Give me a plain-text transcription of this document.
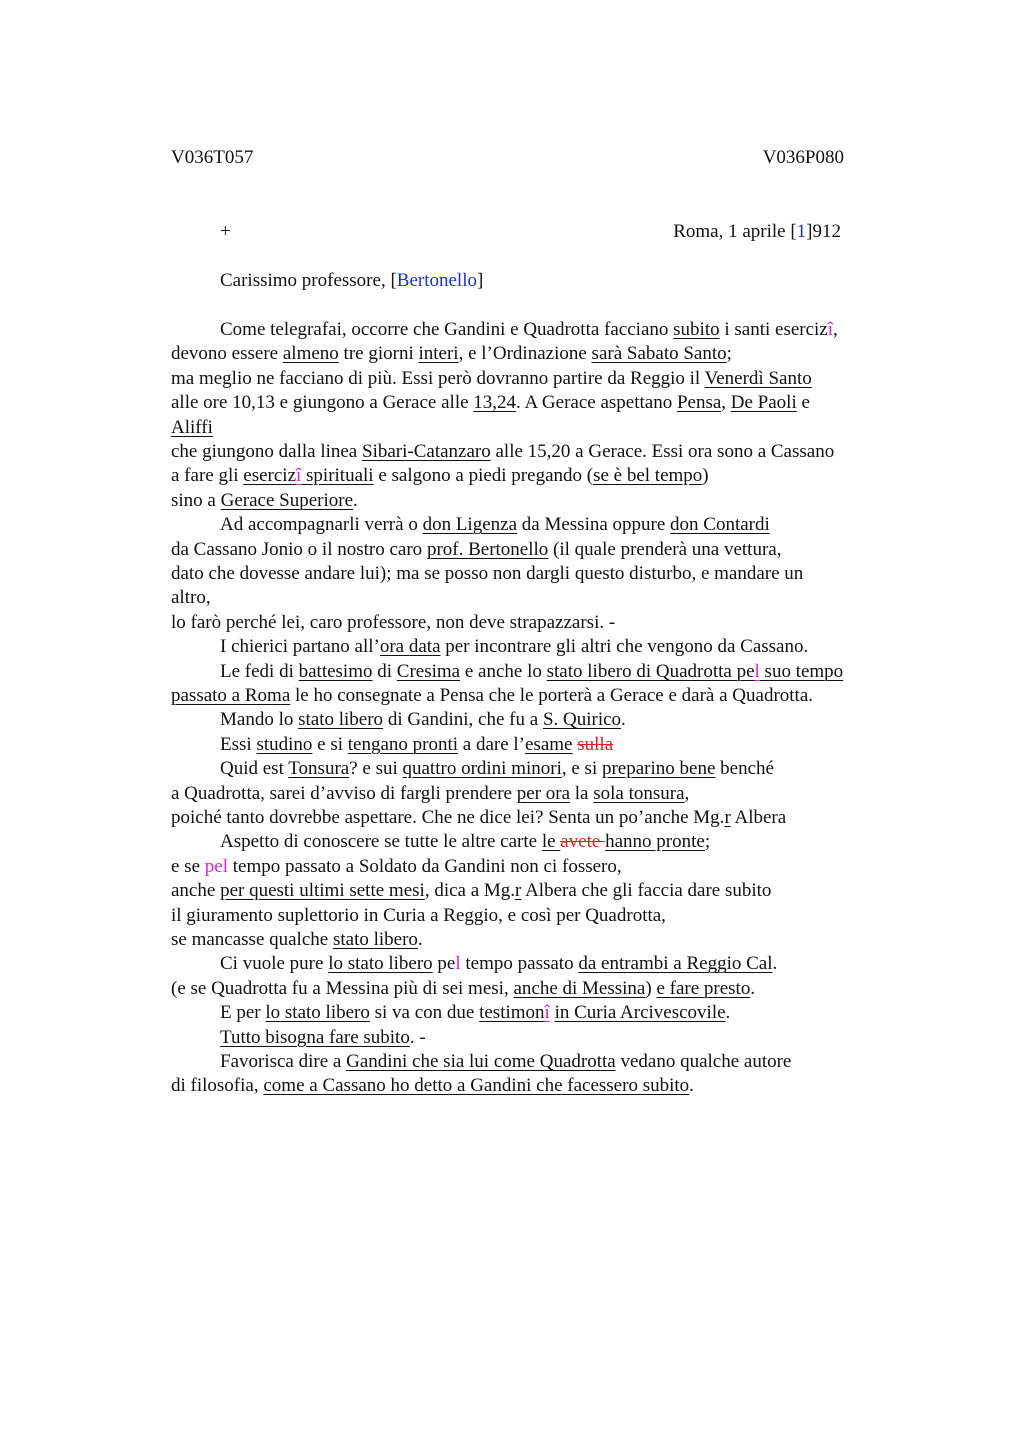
V036T057	V036P080
+	Roma, 1 aprile [1]912
Carissimo professore, [Bertonello]
Come telegrafai, occorre che Gandini e Quadrotta facciano subito i santi esercizî,
devono essere almeno tre giorni interi, e l’Ordinazione sarà Sabato Santo;
ma meglio ne facciano di più. Essi però dovranno partire da Reggio il Venerdì Santo
alle ore 10,13 e giungono a Gerace alle 13,24. A Gerace aspettano Pensa, De Paoli e
Aliffi
che giungono dalla linea Sibari-Catanzaro alle 15,20 a Gerace. Essi ora sono a Cassano
a fare gli esercizî spirituali e salgono a piedi pregando (se è bel tempo)
sino a Gerace Superiore.
Ad accompagnarli verrà o don Ligenza da Messina oppure don Contardi
da Cassano Jonio o il nostro caro prof. Bertonello (il quale prenderà una vettura,
dato che dovesse andare lui); ma se posso non dargli questo disturbo, e mandare un
altro,
lo farò perché lei, caro professore, non deve strapazzarsi. -
I chierici partano all’ora data per incontrare gli altri che vengono da Cassano.
Le fedi di battesimo di Cresima e anche lo stato libero di Quadrotta pel suo tempo
passato a Roma le ho consegnate a Pensa che le porterà a Gerace e darà a Quadrotta.
Mando lo stato libero di Gandini, che fu a S. Quirico.
Essi studino e si tengano pronti a dare l’esame sulla
Quid est Tonsura? e sui quattro ordini minori, e si preparino bene benché
a Quadrotta, sarei d’avviso di fargli prendere per ora la sola tonsura,
poiché tanto dovrebbe aspettare. Che ne dice lei? Senta un po’anche Mg.r Albera
Aspetto di conoscere se tutte le altre carte le avete hanno pronte;
e se pel tempo passato a Soldato da Gandini non ci fossero,
anche per questi ultimi sette mesi, dica a Mg.r Albera che gli faccia dare subito
il giuramento suplettorio in Curia a Reggio, e così per Quadrotta,
se mancasse qualche stato libero.
Ci vuole pure lo stato libero pel tempo passato da entrambi a Reggio Cal.
(e se Quadrotta fu a Messina più di sei mesi, anche di Messina) e fare presto.
E per lo stato libero si va con due testimonî in Curia Arcivescovile.
Tutto bisogna fare subito. -
Favorisca dire a Gandini che sia lui come Quadrotta vedano qualche autore
di filosofia, come a Cassano ho detto a Gandini che facessero subito.
